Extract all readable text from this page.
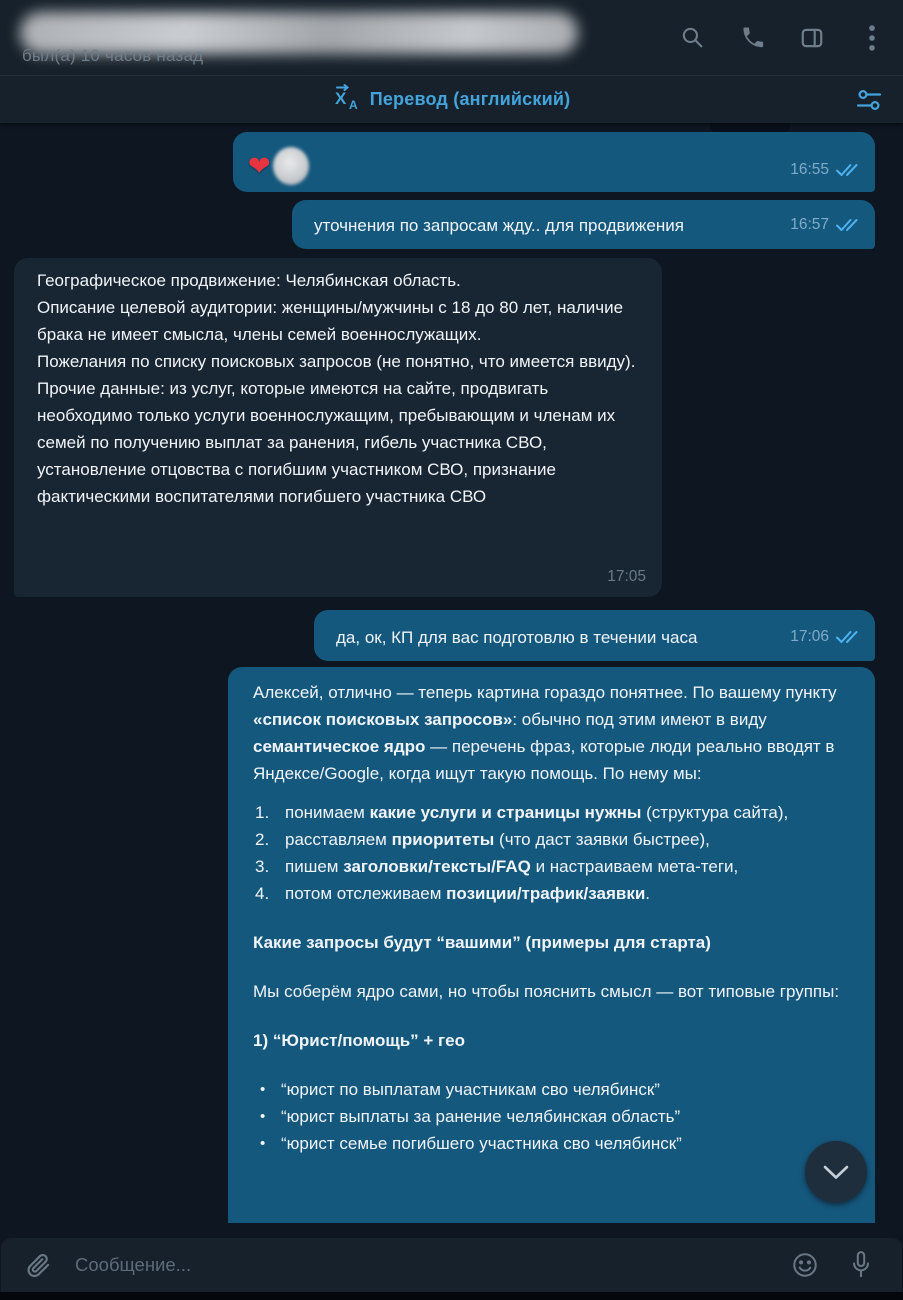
был(а) 10 часов назад
X A Перевод (английский)
❤	16:55
уточнения по запросам жду.. для продвижения	16:57

Географическое продвижение: Челябинская область.

Описание целевой аудитории: женщины/мужчины с 18 до 80 лет, наличие брака не имеет смысла, члены семей военнослужащих.

Пожелания по списку поисковых запросов (не понятно, что имеется ввиду).

Прочие данные: из услуг, которые имеются на сайте, продвигать необходимо только услуги военнослужащим, пребывающим и членам их семей по получению выплат за ранения, гибель участника СВО, установление отцовства с погибшим участником СВО, признание фактическими воспитателями погибшего участника СВО

17:05
да, ок, КП для вас подготовлю в течении часа	17:06

Алексей, отлично — теперь картина гораздо понятнее. По вашему пункту «список поисковых запросов»: обычно под этим имеют в виду семантическое ядро — перечень фраз, которые люди реально вводят в Яндексе/Google, когда ищут такую помощь. По нему мы:

1. понимаем какие услуги и страницы нужны (структура сайта),
2. расставляем приоритеты (что даст заявки быстрее),
3. пишем заголовки/тексты/FAQ и настраиваем мета-теги,
4. потом отслеживаем позиции/трафик/заявки.

Какие запросы будут “вашими” (примеры для старта)

Мы соберём ядро сами, но чтобы пояснить смысл — вот типовые группы:

1) “Юрист/помощь” + гео

• “юрист по выплатам участникам сво челябинск”
• “юрист выплаты за ранение челябинская область”
• “юрист семье погибшего участника сво челябинск”
Сообщение...
